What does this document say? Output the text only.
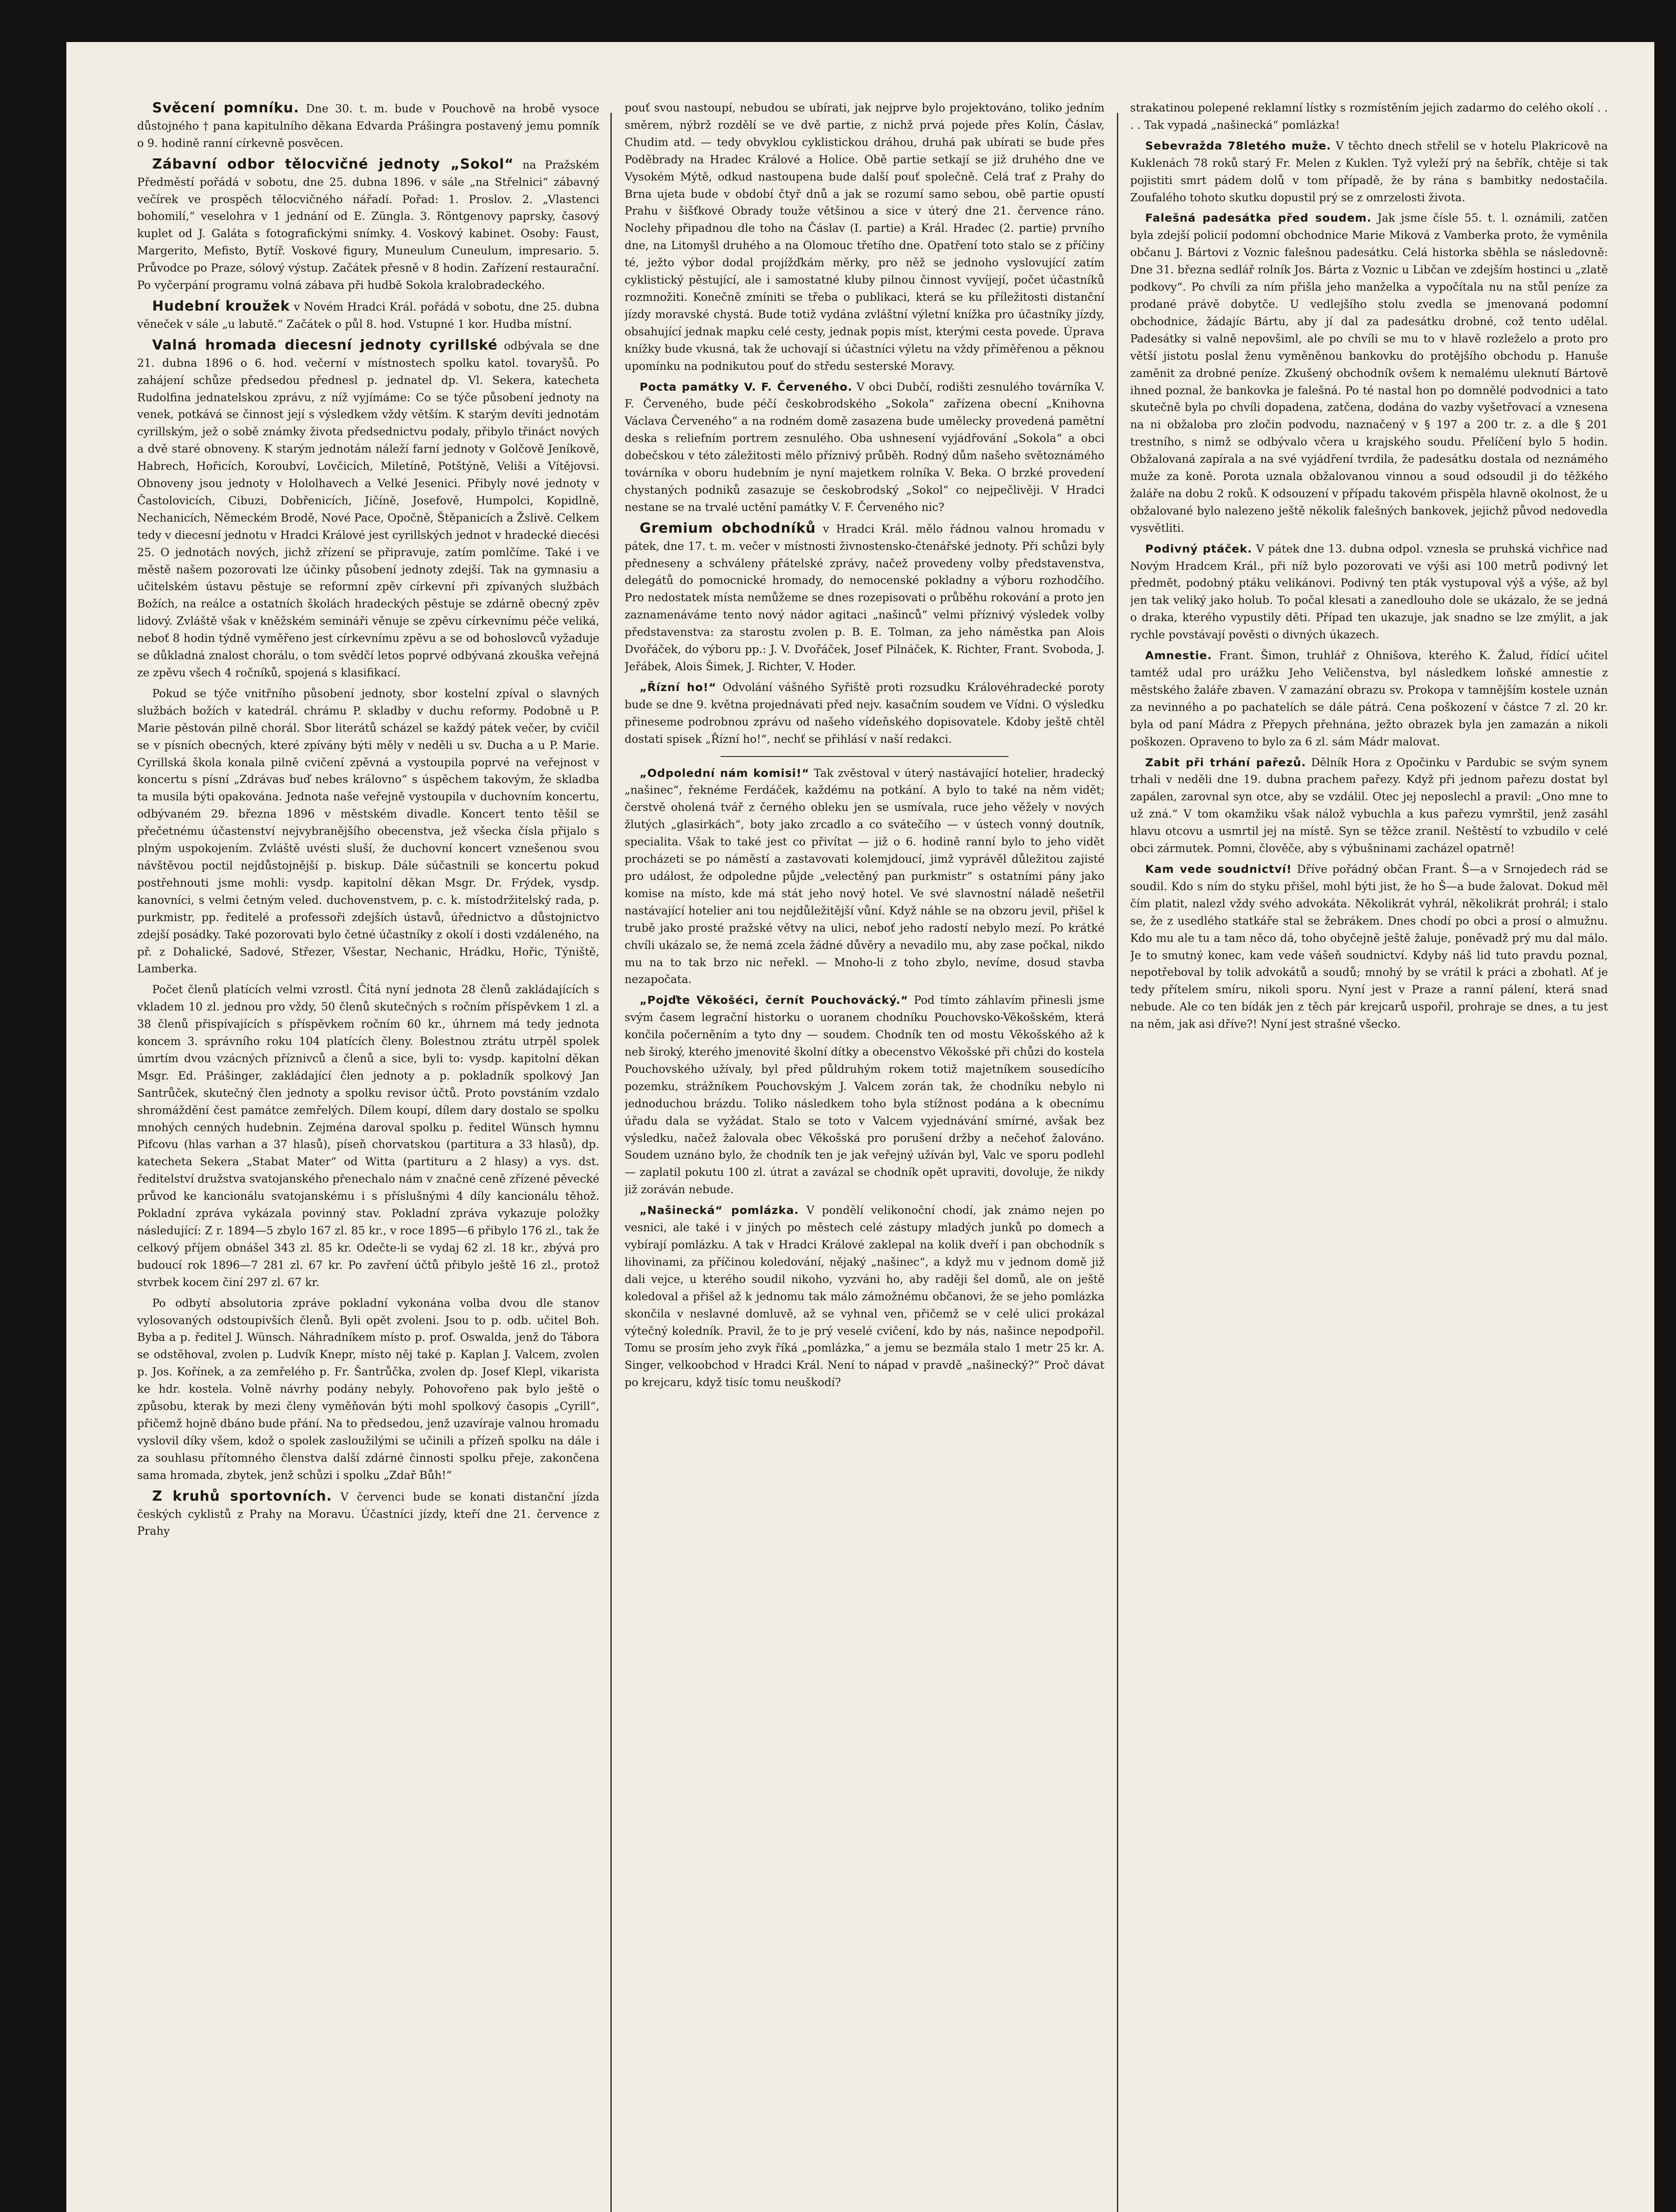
Svěcení pomníku. Dne 30. t. m. bude v Pouchově na hrobě vysoce důstojného † pana kapitulního děkana Edvarda Prášingra postavený jemu pomník o 9. hodině ranní církevně posvěcen.

Zábavní odbor tělocvičné jednoty „Sokol“ na Pražském Předměstí pořádá v sobotu, dne 25. dubna 1896. v sále „na Střelnici“ zábavný večírek ve prospěch tělocvičného nářadí. Pořad: 1. Proslov. 2. „Vlastenci bohomilí,“ veselohra v 1 jednání od E. Züngla. 3. Röntgenovy paprsky, časový kuplet od J. Galáta s fotografickými snímky. 4. Voskový kabinet. Osoby: Faust, Margerito, Mefisto, Bytíř. Voskové figury, Muneulum Cuneulum, impresario. 5. Průvodce po Praze, sólový výstup. Začátek přesně v 8 hodin. Zařízení restaurační. Po vyčerpání programu volná zábava při hudbě Sokola kralobradeckého.

Hudební kroužek v Novém Hradci Král. pořádá v sobotu, dne 25. dubna věneček v sále „u labutě.“ Začátek o půl 8. hod. Vstupné 1 kor. Hudba místní.

Valná hromada diecesní jednoty cyrillské odbývala se dne 21. dubna 1896 o 6. hod. večerní v místnostech spolku katol. tovaryšů. Po zahájení schůze předsedou přednesl p. jednatel dp. Vl. Sekera, katecheta Rudolfina jednatelskou zprávu, z níž vyjímáme: Co se týče působení jednoty na venek, potkává se činnost její s výsledkem vždy větším. K starým devíti jednotám cyrillským, jež o sobě známky života předsednictvu podaly, přibylo třináct nových a dvě staré obnoveny. K starým jednotám náleží farní jednoty v Golčově Jeníkově, Habrech, Hořicích, Koroubví, Lovčicích, Miletíně, Potštýně, Veliši a Vítějovsi. Obnoveny jsou jednoty v Hololhavech a Velké Jesenici. Přibyly nové jednoty v Častolovicích, Cibuzi, Dobřenicích, Jičíně, Josefově, Humpolci, Kopidlně, Nechanicích, Německém Brodě, Nové Pace, Opočně, Štěpanicích a Žslivě. Celkem tedy v diecesní jednotu v Hradci Králové jest cyrillských jednot v hradecké diecési 25. O jednotách nových, jichž zřízení se připravuje, zatím pomlčíme. Také i ve městě našem pozorovati lze účinky působení jednoty zdejší. Tak na gymnasiu a učitelském ústavu pěstuje se reformní zpěv církevní při zpívaných službách Božích, na reálce a ostatních školách hradeckých pěstuje se zdárně obecný zpěv lidový. Zvláště však v kněžském semináři věnuje se zpěvu církevnímu péče veliká, neboť 8 hodin týdně vyměřeno jest církevnímu zpěvu a se od bohoslovců vyžaduje se důkladná znalost chorálu, o tom svědčí letos poprvé odbývaná zkouška veřejná ze zpěvu všech 4 ročníků, spojená s klasifikací.

Pokud se týče vnitřního působení jednoty, sbor kostelní zpíval o slavných službách božích v katedrál. chrámu P. skladby v duchu reformy. Podobně u P. Marie pěstován pilně chorál. Sbor literátů scházel se každý pátek večer, by cvičil se v písních obecných, které zpívány býti měly v neděli u sv. Ducha a u P. Marie. Cyrillská škola konala pilně cvičení zpěvná a vystoupila poprvé na veřejnost v koncertu s písní „Zdrávas buď nebes královno“ s úspěchem takovým, že skladba ta musila býti opakována. Jednota naše veřejně vystoupila v duchovním koncertu, odbývaném 29. března 1896 v městském divadle. Koncert tento těšil se přečetnému účastenství nejvybranějšího obecenstva, jež všecka čísla přijalo s plným uspokojením. Zvláště uvésti sluší, že duchovní koncert vznešenou svou návštěvou poctil nejdůstojnější p. biskup. Dále súčastnili se koncertu pokud postřehnouti jsme mohli: vysdp. kapitolní děkan Msgr. Dr. Frýdek, vysdp. kanovníci, s velmi četným veled. duchovenstvem, p. c. k. místodržitelský rada, p. purkmistr, pp. ředitelé a professoři zdejších ústavů, úřednictvo a důstojnictvo zdejší posádky. Také pozorovati bylo četné účastníky z okolí i dosti vzdáleného, na př. z Dohalické, Sadové, Střezer, Všestar, Nechanic, Hrádku, Hořic, Týniště, Lamberka.

Počet členů platících velmi vzrostl. Čítá nyní jednota 28 členů zakládajících s vkladem 10 zl. jednou pro vždy, 50 členů skutečných s ročním příspěvkem 1 zl. a 38 členů přispívajících s příspěvkem ročním 60 kr., úhrnem má tedy jednota koncem 3. správního roku 104 platících členy. Bolestnou ztrátu utrpěl spolek úmrtím dvou vzácných příznivců a členů a sice, byli to: vysdp. kapitolní děkan Msgr. Ed. Prášinger, zakládající člen jednoty a p. pokladník spolkový Jan Santrůček, skutečný člen jednoty a spolku revisor účtů. Proto povstáním vzdalo shromáždění čest památce zemřelých. Dílem koupí, dílem dary dostalo se spolku mnohých cenných hudebnin. Zejména daroval spolku p. ředitel Wünsch hymnu Pifcovu (hlas varhan a 37 hlasů), píseň chorvatskou (partitura a 33 hlasů), dp. katecheta Sekera „Stabat Mater“ od Witta (partituru a 2 hlasy) a vys. dst. ředitelství družstva svatojanského přenechalo nám v značné ceně zřízené pěvecké průvod ke kancionálu svatojanskému i s příslušnými 4 díly kancionálu těhož. Pokladní zpráva vykázala povinný stav. Pokladní zpráva vykazuje položky následující: Z r. 1894—5 zbylo 167 zl. 85 kr., v roce 1895—6 přibylo 176 zl., tak že celkový příjem obnášel 343 zl. 85 kr. Odečte-li se vydaj 62 zl. 18 kr., zbývá pro budoucí rok 1896—7 281 zl. 67 kr. Po zavření účtů přibylo ještě 16 zl., protož stvrbek kocem činí 297 zl. 67 kr.

Po odbytí absolutoria zpráve pokladní vykonána volba dvou dle stanov vylosovaných odstoupivších členů. Byli opět zvoleni. Jsou to p. odb. učitel Boh. Byba a p. ředitel J. Wünsch. Náhradníkem místo p. prof. Oswalda, jenž do Tábora se odstěhoval, zvolen p. Ludvík Knepr, místo něj také p. Kaplan J. Valcem, zvolen p. Jos. Kořínek, a za zemřelého p. Fr. Šantrůčka, zvolen dp. Josef Klepl, vikarista ke hdr. kostela. Volně návrhy podány nebyly. Pohovořeno pak bylo ještě o způsobu, kterak by mezi členy vyměňován býti mohl spolkový časopis „Cyrill“, přičemž hojně dbáno bude přání. Na to předsedou, jenž uzavíraje valnou hromadu vyslovil díky všem, kdož o spolek zasloužilými se učinili a přízeň spolku na dále i za souhlasu přítomného členstva další zdárné činnosti spolku přeje, zakončena sama hromada, zbytek, jenž schůzi i spolku „Zdař Bůh!“

Z kruhů sportovních. V červenci bude se konati distanční jízda českých cyklistů z Prahy na Moravu. Účastníci jízdy, kteří dne 21. července z Prahy

pouť svou nastoupí, nebudou se ubírati, jak nejprve bylo projektováno, toliko jedním směrem, nýbrž rozdělí se ve dvě partie, z nichž prvá pojede přes Kolín, Čáslav, Chudim atd. — tedy obvyklou cyklistickou dráhou, druhá pak ubírati se bude přes Poděbrady na Hradec Králové a Holice. Obě partie setkají se již druhého dne ve Vysokém Mýtě, odkud nastoupena bude další pouť společně. Celá trať z Prahy do Brna ujeta bude v období čtyř dnů a jak se rozumí samo sebou, obě partie opustí Prahu v šišťkové Obrady touže většinou a sice v úterý dne 21. července ráno. Noclehy připadnou dle toho na Čáslav (I. partie) a Král. Hradec (2. partie) prvního dne, na Litomyšl druhého a na Olomouc třetího dne. Opatření toto stalo se z příčiny té, ježto výbor dodal projížďkám měrky, pro něž se jednoho vyslovující zatím cyklistický pěstující, ale i samostatné kluby pilnou činnost vyvíjejí, počet účastníků rozmnožiti. Konečně zmíniti se třeba o publikaci, která se ku příležitosti distanční jízdy moravské chystá. Bude totiž vydána zvláštní výletní knížka pro účastníky jízdy, obsahující jednak mapku celé cesty, jednak popis míst, kterými cesta povede. Úprava knížky bude vkusná, tak že uchovají si účastníci výletu na vždy příměřenou a pěknou upomínku na podnikutou pouť do středu sesterské Moravy.

Pocta památky V. F. Červeného. V obci Dubčí, rodišti zesnulého továrníka V. F. Červeného, bude péčí českobrodského „Sokola“ zařízena obecní „Knihovna Václava Červeného“ a na rodném domě zasazena bude umělecky provedená pamětní deska s reliefním portrem zesnulého. Oba ushnesení vyjádřování „Sokola“ a obci dobečskou v této záležitosti mělo příznivý průběh. Rodný dům našeho světoznámého továrníka v oboru hudebním je nyní majetkem rolníka V. Beka. O brzké provedení chystaných podniků zasazuje se českobrodský „Sokol“ co nejpečlivěji. V Hradci nestane se na trvalé uctění památky V. F. Červeného nic?

Gremium obchodníků v Hradci Král. mělo řádnou valnou hromadu v pátek, dne 17. t. m. večer v místnosti živnostensko-čtenářské jednoty. Při schůzi byly předneseny a schváleny přátelské zprávy, načež provedeny volby představenstva, delegátů do pomocnické hromady, do nemocenské pokladny a výboru rozhodčího. Pro nedostatek místa nemůžeme se dnes rozepisovati o průběhu rokování a proto jen zaznamenáváme tento nový nádor agitaci „našinců“ velmi příznivý výsledek volby představenstva: za starostu zvolen p. B. E. Tolman, za jeho náměstka pan Alois Dvořáček, do výboru pp.: J. V. Dvořáček, Josef Pilnáček, K. Richter, Frant. Svoboda, J. Jeřábek, Alois Šimek, J. Richter, V. Hoder.

„Řízní ho!“ Odvolání vášného Syřiště proti rozsudku Královéhradecké poroty bude se dne 9. května projednávati před nejv. kasačním soudem ve Vídni. O výsledku přineseme podrobnou zprávu od našeho vídeňského dopisovatele. Kdoby ještě chtěl dostati spisek „Řízní ho!“, nechť se přihlásí v naší redakci.

„Odpolední nám komisi!“ Tak zvěstoval v úterý nastávající hotelier, hradecký „našinec“, řeknéme Ferdáček, každému na potkání. A bylo to také na něm vidět; čerstvě oholená tvář z černého obleku jen se usmívala, ruce jeho věžely v nových žlutých „glasirkách“, boty jako zrcadlo a co svátečího — v ústech vonný doutník, specialita. Však to také jest co přivítat — již o 6. hodině ranní bylo to jeho vidět procházeti se po náměstí a zastavovati kolemjdoucí, jimž vyprávěl důležitou zajisté pro událost, že odpoledne půjde „velectěný pan purkmistr“ s ostatními pány jako komise na místo, kde má stát jeho nový hotel. Ve své slavnostní náladě nešetřil nastávající hotelier ani tou nejdůležitější vůní. Když náhle se na obzoru jevil, přišel k trubě jako prosté pražské větvy na ulici, neboť jeho radostí nebylo mezí. Po krátké chvíli ukázalo se, že nemá zcela žádné důvěry a nevadilo mu, aby zase počkal, nikdo mu na to tak brzo nic neřekl. — Mnoho-li z toho zbylo, nevíme, dosud stavba nezapočata.

„Pojďte Věkošéci, černít Pouchovácký.“ Pod tímto záhlavím přinesli jsme svým časem legrační historku o uoranem chodníku Pouchovsko-Věkošském, která končila počerněním a tyto dny — soudem. Chodník ten od mostu Věkošského až k neb široký, kterého jmenovité školní dítky a obecenstvo Věkošské při chůzi do kostela Pouchovského užívaly, byl před půldruhým rokem totiž majetníkem sousedícího pozemku, strážníkem Pouchovským J. Valcem zorán tak, že chodníku nebylo ni jednoduchou brázdu. Toliko následkem toho byla stížnost podána a k obecnímu úřadu dala se vyžádat. Stalo se toto v Valcem vyjednávání smírné, avšak bez výsledku, načež žalovala obec Věkošská pro porušení držby a nečehoť žalováno. Soudem uznáno bylo, že chodník ten je jak veřejný užíván byl, Valc ve sporu podlehl — zaplatil pokutu 100 zl. útrat a zavázal se chodník opět upraviti, dovoluje, že nikdy již zoráván nebude.

„Našinecká“ pomlázka. V pondělí velikonoční chodí, jak známo nejen po vesnici, ale také i v jiných po městech celé zástupy mladých junků po domech a vybírají pomlázku. A tak v Hradci Králové zaklepal na kolik dveří i pan obchodník s lihovinami, za příčinou koledování, nějaký „našinec“, a když mu v jednom domě již dali vejce, u kterého soudil nikoho, vyzváni ho, aby raději šel domů, ale on ještě koledoval a přišel až k jednomu tak málo zámožnému občanovi, že se jeho pomlázka skončila v neslavné domluvě, až se vyhnal ven, přičemž se v celé ulici prokázal výtečný koledník. Pravil, že to je prý veselé cvičení, kdo by nás, našince nepodpořil. Tomu se prosím jeho zvyk říká „pomlázka,“ a jemu se bezmála stalo 1 metr 25 kr. A. Singer, velkoobchod v Hradci Král. Není to nápad v pravdě „našinecký?“ Proč dávat po krejcaru, když tisíc tomu neuškodí?

strakatinou polepené reklamní lístky s rozmístěním jejich zadarmo do celého okolí . . . . Tak vypadá „našinecká“ pomlázka!

Sebevražda 78letého muže. V těchto dnech střelil se v hotelu Plakricově na Kuklenách 78 roků starý Fr. Melen z Kuklen. Tyž vyleží prý na šebřík, chtěje si tak pojistiti smrt pádem dolů v tom případě, že by rána s bambitky nedostačila. Zoufalého tohoto skutku dopustil prý se z omrzelosti života.

Falešná padesátka před soudem. Jak jsme čísle 55. t. l. oznámili, zatčen byla zdejší policií podomní obchodnice Marie Miková z Vamberka proto, že vyměnila občanu J. Bártovi z Voznic falešnou padesátku. Celá historka sběhla se následovně: Dne 31. března sedlář rolník Jos. Bárta z Voznic u Libčan ve zdejším hostinci u „zlatě podkovy“. Po chvíli za ním přišla jeho manželka a vypočítala nu na stůl peníze za prodané právě dobytče. U vedlejšího stolu zvedla se jmenovaná podomní obchodnice, žádajíc Bártu, aby jí dal za padesátku drobné, což tento udělal. Padesátky si valně nepovšiml, ale po chvíli se mu to v hlavě rozleželo a proto pro větší jistotu poslal ženu vyměněnou bankovku do protějšího obchodu p. Hanuše zaměnit za drobné peníze. Zkušený obchodník ovšem k nemalému uleknutí Bártově ihned poznal, že bankovka je falešná. Po té nastal hon po domnělé podvodnici a tato skutečně byla po chvíli dopadena, zatčena, dodána do vazby vyšetřovací a vznesena na ni obžaloba pro zločin podvodu, naznačený v § 197 a 200 tr. z. a dle § 201 trestního, s nimž se odbývalo včera u krajského soudu. Přelíčení bylo 5 hodin. Obžalovaná zapírala a na své vyjádření tvrdila, že padesátku dostala od neznámého muže za koně. Porota uznala obžalovanou vinnou a soud odsoudil ji do těžkého žaláře na dobu 2 roků. K odsouzení v případu takovém přispěla hlavně okolnost, že u obžalované bylo nalezeno ještě několik falešných bankovek, jejichž původ nedovedla vysvětliti.

Podivný ptáček. V pátek dne 13. dubna odpol. vznesla se pruhská vichřice nad Novým Hradcem Král., při níž bylo pozorovati ve výši asi 100 metrů podivný let předmět, podobný ptáku velikánovi. Podivný ten pták vystupoval výš a výše, až byl jen tak veliký jako holub. To počal klesati a zanedlouho dole se ukázalo, že se jedná o draka, kterého vypustily děti. Případ ten ukazuje, jak snadno se lze zmýlit, a jak rychle povstávají pověsti o divných úkazech.

Amnestie. Frant. Šimon, truhlář z Ohnišova, kterého K. Žalud, řídící učitel tamtéž udal pro urážku Jeho Veličenstva, byl následkem loňské amnestie z městského žaláře zbaven. V zamazání obrazu sv. Prokopa v tamnějším kostele uznán za nevinného a po pachatelích se dále pátrá. Cena poškození v částce 7 zl. 20 kr. byla od paní Mádra z Přepych přehnána, ježto obrazek byla jen zamazán a nikoli poškozen. Opraveno to bylo za 6 zl. sám Mádr malovat.

Zabit při trhání pařezů. Dělník Hora z Opočinku v Pardubic se svým synem trhali v neděli dne 19. dubna prachem pařezy. Když při jednom pařezu dostat byl zapálen, zarovnal syn otce, aby se vzdálil. Otec jej neposlechl a pravil: „Ono mne to už zná.“ V tom okamžiku však nálož vybuchla a kus pařezu vymrštil, jenž zasáhl hlavu otcovu a usmrtil jej na místě. Syn se těžce zranil. Neštěstí to vzbudilo v celé obci zármutek. Pomni, člověče, aby s výbušninami zacházel opatrně!

Kam vede soudnictví! Dříve pořádný občan Frant. Š—a v Srnojedech rád se soudil. Kdo s ním do styku přišel, mohl býti jist, že ho Š—a bude žalovat. Dokud měl čím platit, nalezl vždy svého advokáta. Několikrát vyhrál, několikrát prohrál; i stalo se, že z usedlého statkáře stal se žebrákem. Dnes chodí po obci a prosí o almužnu. Kdo mu ale tu a tam něco dá, toho obyčejně ještě žaluje, poněvadž prý mu dal málo. Je to smutný konec, kam vede vášeň soudnictví. Kdyby náš lid tuto pravdu poznal, nepotřeboval by tolik advokátů a soudů; mnohý by se vrátil k práci a zbohatl. Ať je tedy přítelem smíru, nikoli sporu. Nyní jest v Praze a ranní pálení, která snad nebude. Ale co ten bídák jen z těch pár krejcarů uspořil, prohraje se dnes, a tu jest na něm, jak asi dříve?! Nyní jest strašné všecko.
